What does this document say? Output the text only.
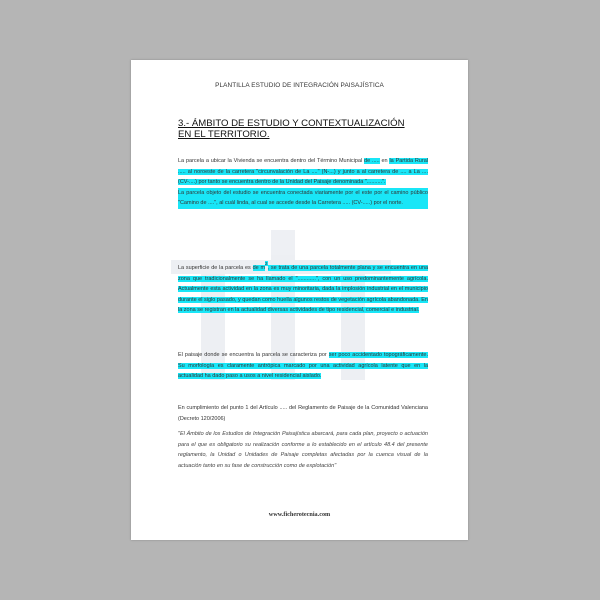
PLANTILLA ESTUDIO DE INTEGRACIÓN PAISAJÍSTICA
3.- ÁMBITO DE ESTUDIO Y CONTEXTUALIZACIÓN EN EL TERRITORIO.
La parcela a ubicar la Vivienda se encuentra dentro del Término Municipal de ..... en la Partida Rural ..... al noroeste de la carretera "circunvalación de La ...." (N-...) y junto a al carretera de .... a La .... (CV-....) por tanto se encuentra dentro de la Unidad del Paisaje denominada "..........".
La parcela objeto del estudio se encuentra conectada viariamente por el este por el camino público "Camino de ....", al cuál linda, al cual se accede desde la Carretera ..... (CV-.....) por el norte.
La superficie de la parcela es de $m^2$, se trata de una parcela totalmente plana y se encuentra en una zona que tradicionalmente se ha llamado el "............", con un uso predominantemente agrícola. Actualmente esta actividad en la zona es muy minoritaria, dada la implosión industrial en el municipio durante el siglo pasado, y quedan como huella algunos restos de vegetación agrícola abandonada. En la zona se registran en la actualidad diversas actividades de tipo residencial, comercial e industrial.
El paisaje donde se encuentra la parcela se caracteriza por ser poco accidentado topográficamente. Su morfología es claramente antrópica marcado por una actividad agrícola latente que en la actualidad ha dado paso a usos a nivel residencial aislado.
En cumplimiento del punto 1 del Artículo ..... del Reglamento de Paisaje de la Comunidad Valenciana (Decreto 120/2006)
"El Ámbito de los Estudios de Integración Paisajística abarcará, para cada plan, proyecto o actuación para el que es obligatorio su realización conforme a lo establecido en el artículo 48.4 del presente reglamento, la Unidad o Unidades de Paisaje completas afectadas por la cuenca visual de la actuación tanto en su fase de construcción como de explotación"
www.ficherotecnia.com
